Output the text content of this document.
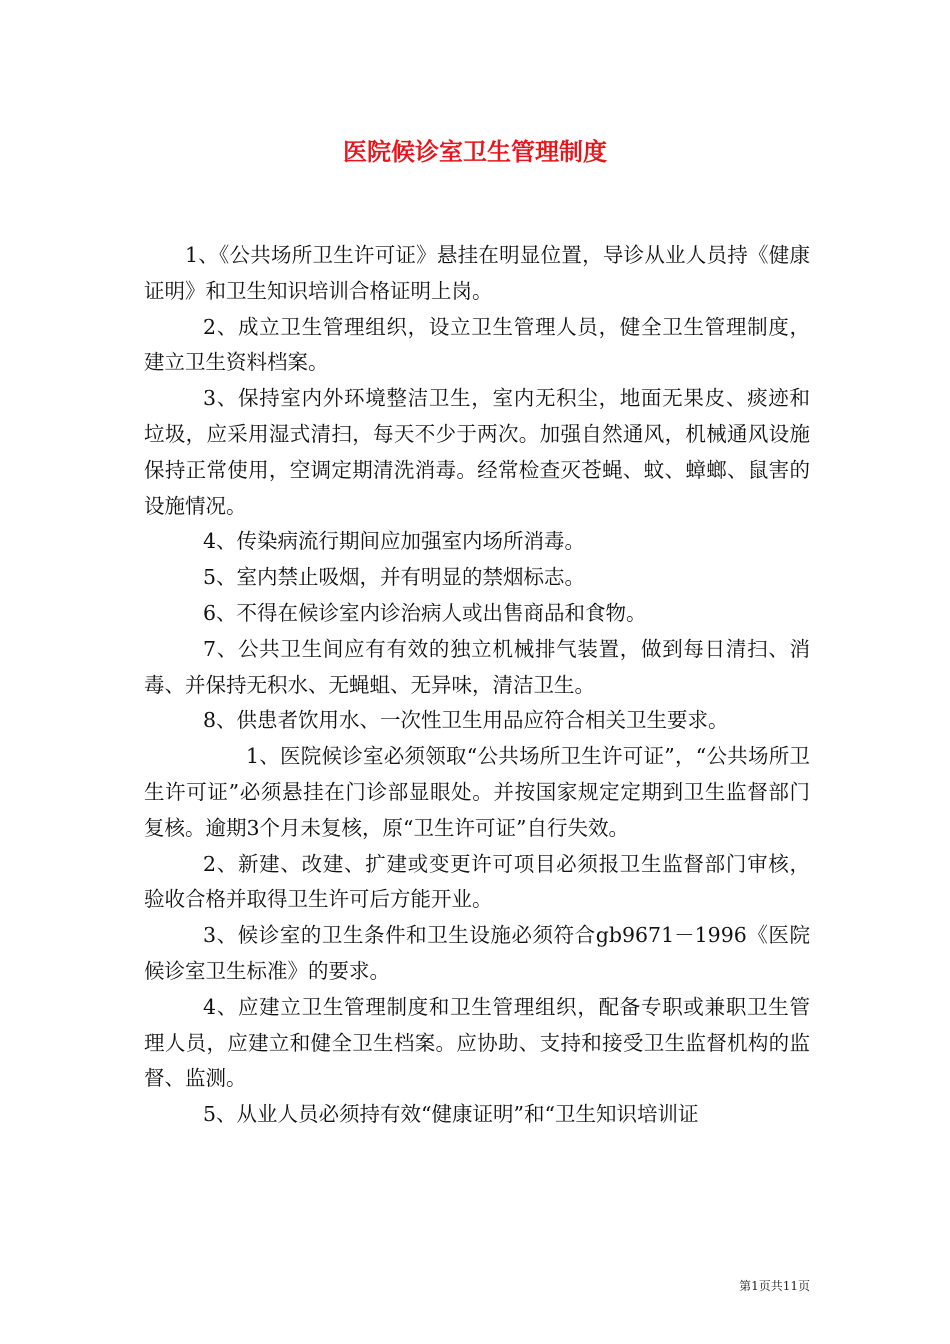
医院候诊室卫生管理制度

1、《公共场所卫生许可证》悬挂在明显位置，导诊从业人员持《健康证明》和卫生知识培训合格证明上岗。

2、成立卫生管理组织，设立卫生管理人员，健全卫生管理制度，建立卫生资料档案。

3、保持室内外环境整洁卫生，室内无积尘，地面无果皮、痰迹和垃圾，应采用湿式清扫，每天不少于两次。加强自然通风，机械通风设施保持正常使用，空调定期清洗消毒。经常检查灭苍蝇、蚊、蟑螂、鼠害的设施情况。

4、传染病流行期间应加强室内场所消毒。

5、室内禁止吸烟，并有明显的禁烟标志。

6、不得在候诊室内诊治病人或出售商品和食物。

7、公共卫生间应有有效的独立机械排气装置，做到每日清扫、消毒、并保持无积水、无蝇蛆、无异味，清洁卫生。

8、供患者饮用水、一次性卫生用品应符合相关卫生要求。

1、医院候诊室必须领取“公共场所卫生许可证”，“公共场所卫生许可证”必须悬挂在门诊部显眼处。并按国家规定定期到卫生监督部门复核。逾期3个月未复核，原“卫生许可证”自行失效。

2、新建、改建、扩建或变更许可项目必须报卫生监督部门审核，验收合格并取得卫生许可后方能开业。

3、候诊室的卫生条件和卫生设施必须符合gb9671－1996《医院候诊室卫生标准》的要求。

4、应建立卫生管理制度和卫生管理组织，配备专职或兼职卫生管理人员，应建立和健全卫生档案。应协助、支持和接受卫生监督机构的监督、监测。

5、从业人员必须持有效“健康证明”和“卫生知识培训证

第1页共11页
